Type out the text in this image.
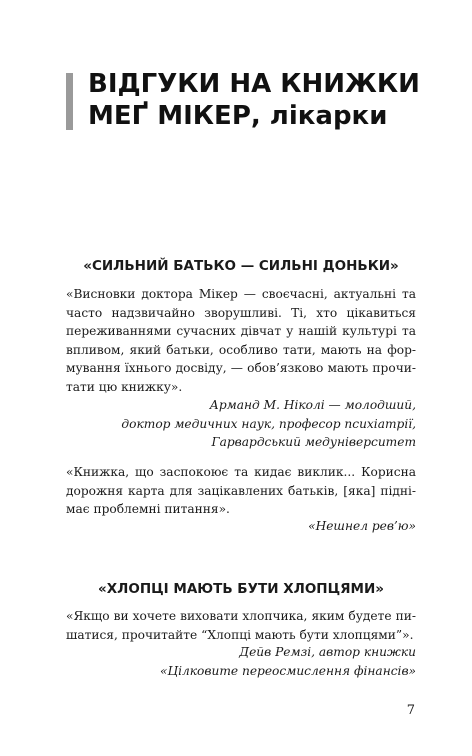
ВІДГУКИ НА КНИЖКИ
МЕҐ МІКЕР, лікарки
«СИЛЬНИЙ БАТЬКО — СИЛЬНІ ДОНЬКИ»

«Висновки доктора Мікер — своєчасні, актуальні та
часто надзвичайно зворушливі. Ті, хто цікавиться
переживаннями сучасних дівчат у нашій культурі та
впливом, який батьки, особливо тати, мають на фор-
мування їхнього досвіду, — обов’язково мають прочи-
тати цю книжку».

Арманд М. Ніколі — молодший,
доктор медичних наук, професор психіатрії,
Гарвардський медуніверситет

«Книжка, що заспокоює та кидає виклик... Корисна
дорожня карта для зацікавлених батьків, [яка] підні-
має проблемні питання».

«Нешнел рев’ю»

«ХЛОПЦІ МАЮТЬ БУТИ ХЛОПЦЯМИ»

«Якщо ви хочете виховати хлопчика, яким будете пи-
шатися, прочитайте “Хлопці мають бути хлопцями”».

Дейв Ремзі, автор книжки
«Цілковите переосмислення фінансів»

7
